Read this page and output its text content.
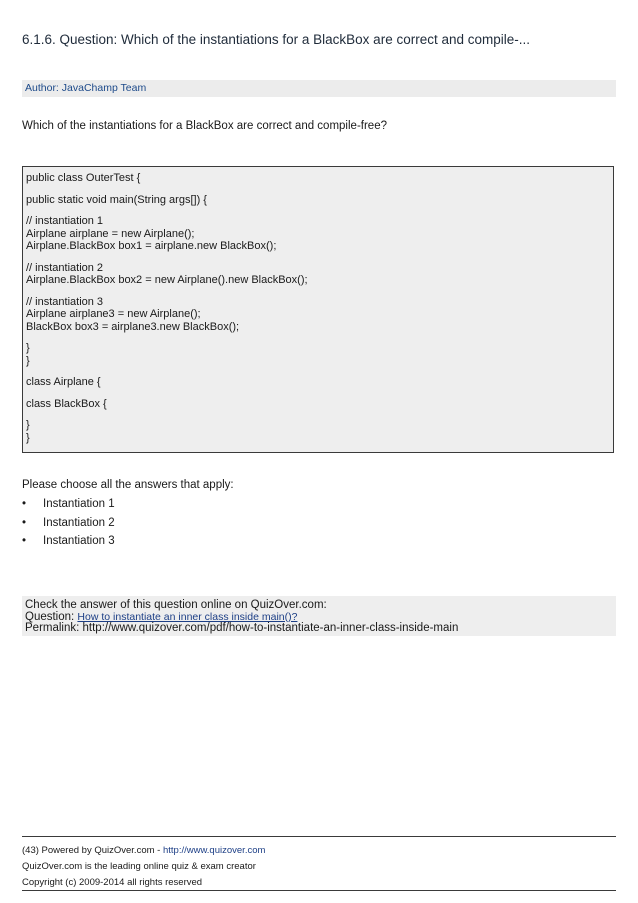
6.1.6. Question: Which of the instantiations for a BlackBox are correct and compile-...
Author: JavaChamp Team
Which of the instantiations for a BlackBox are correct and compile-free?
public class OuterTest {
public static void main(String args[]) {
// instantiation 1
Airplane airplane = new Airplane();
Airplane.BlackBox box1 = airplane.new BlackBox();
// instantiation 2
Airplane.BlackBox box2 = new Airplane().new BlackBox();
// instantiation 3
Airplane airplane3 = new Airplane();
BlackBox box3 = airplane3.new BlackBox();
}
}
class Airplane {
class BlackBox {
}
}
Please choose all the answers that apply:
• Instantiation 1
• Instantiation 2
• Instantiation 3
Check the answer of this question online on QuizOver.com:
Question: How to instantiate an inner class inside main()?
Permalink: http://www.quizover.com/pdf/how-to-instantiate-an-inner-class-inside-main
(43) Powered by QuizOver.com - http://www.quizover.com
QuizOver.com is the leading online quiz & exam creator
Copyright (c) 2009-2014 all rights reserved
